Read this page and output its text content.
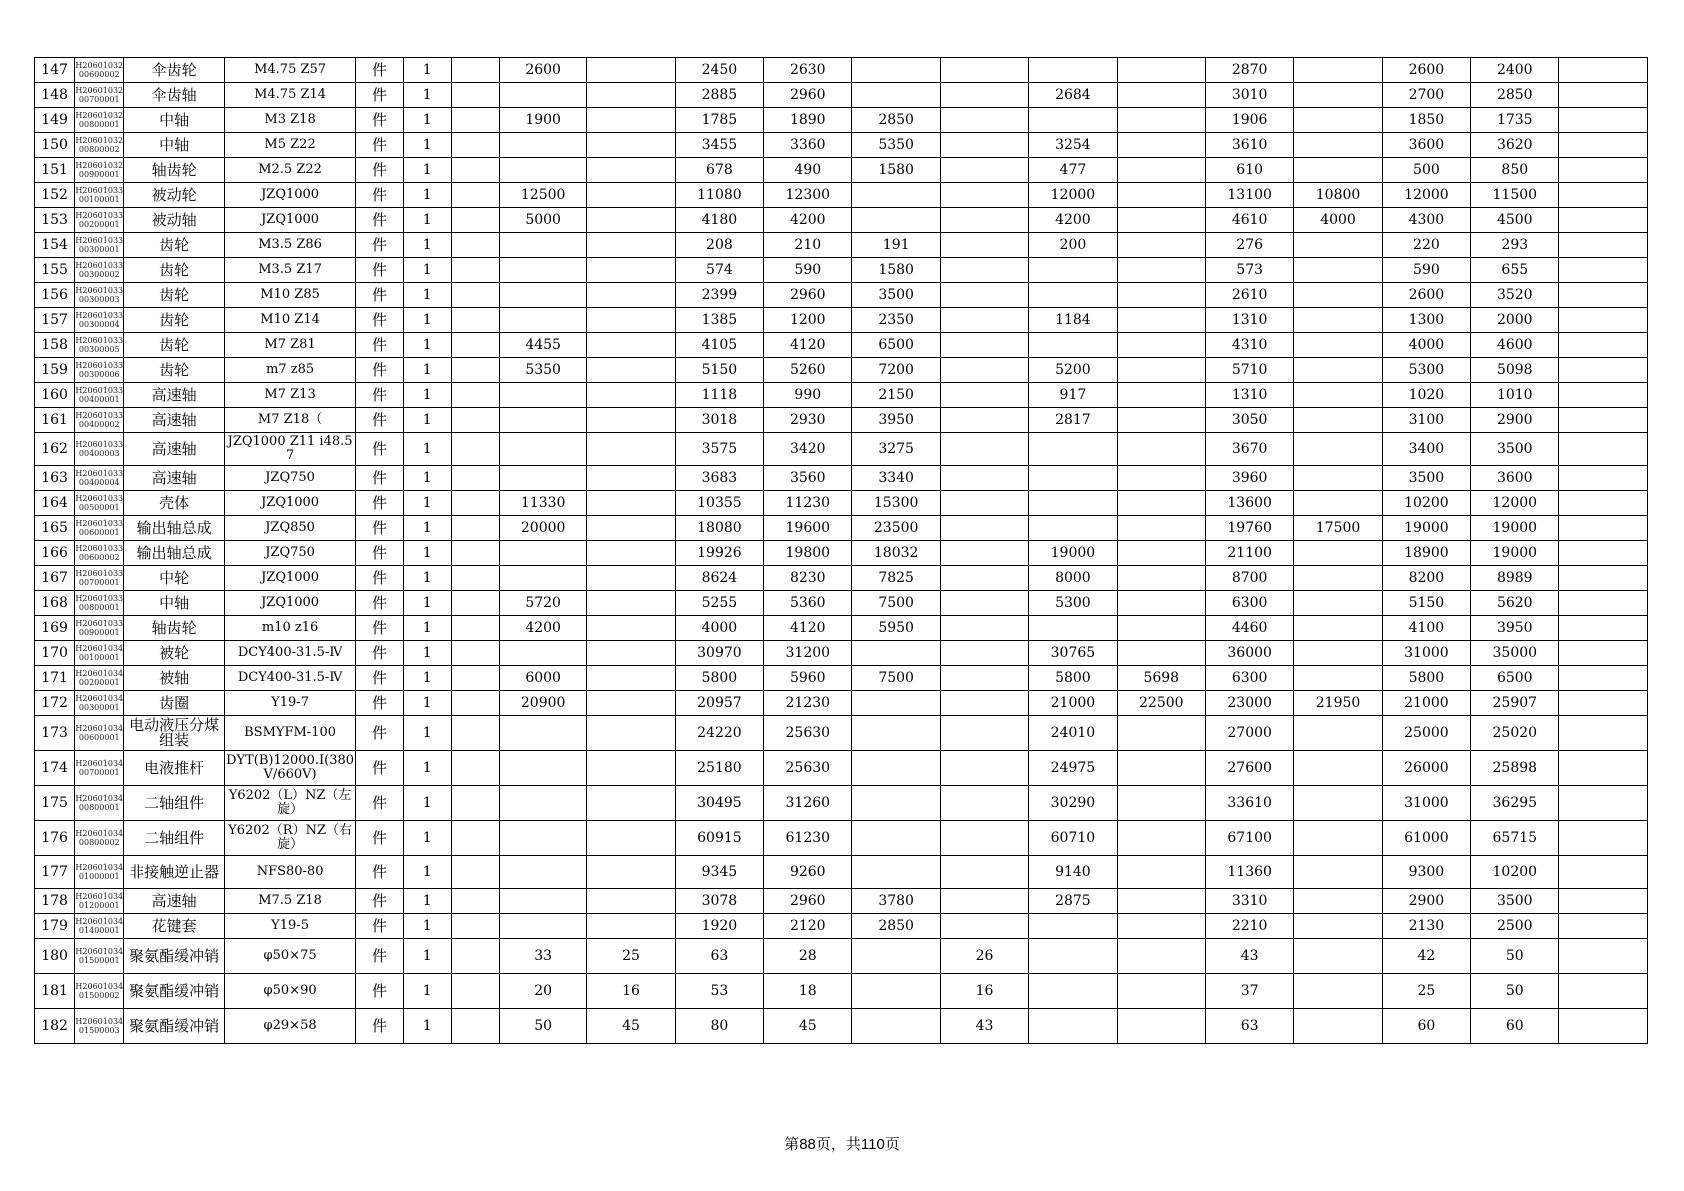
147	H2060103200600002	伞齿轮	M4.75 Z57	件	1		2600		2450	2630					2870		2600	2400	
148	H2060103200700001	伞齿轴	M4.75 Z14	件	1				2885	2960			2684		3010		2700	2850	
149	H2060103200800001	中轴	M3 Z18	件	1		1900		1785	1890	2850				1906		1850	1735	
150	H2060103200800002	中轴	M5 Z22	件	1				3455	3360	5350		3254		3610		3600	3620	
151	H2060103200900001	轴齿轮	M2.5 Z22	件	1				678	490	1580		477		610		500	850	
152	H2060103300100001	被动轮	JZQ1000	件	1		12500		11080	12300			12000		13100	10800	12000	11500	
153	H2060103300200001	被动轴	JZQ1000	件	1		5000		4180	4200			4200		4610	4000	4300	4500	
154	H2060103300300001	齿轮	M3.5 Z86	件	1				208	210	191		200		276		220	293	
155	H2060103300300002	齿轮	M3.5 Z17	件	1				574	590	1580				573		590	655	
156	H2060103300300003	齿轮	M10 Z85	件	1				2399	2960	3500				2610		2600	3520	
157	H2060103300300004	齿轮	M10 Z14	件	1				1385	1200	2350		1184		1310		1300	2000	
158	H2060103300300005	齿轮	M7 Z81	件	1		4455		4105	4120	6500				4310		4000	4600	
159	H2060103300300006	齿轮	m7 z85	件	1		5350		5150	5260	7200		5200		5710		5300	5098	
160	H2060103300400001	高速轴	M7 Z13	件	1				1118	990	2150		917		1310		1020	1010	
161	H2060103300400002	高速轴	M7 Z18（	件	1				3018	2930	3950		2817		3050		3100	2900	
162	H2060103300400003	高速轴	JZQ1000 Z11 i48.57	件	1				3575	3420	3275				3670		3400	3500	
163	H2060103300400004	高速轴	JZQ750	件	1				3683	3560	3340				3960		3500	3600	
164	H2060103300500001	壳体	JZQ1000	件	1		11330		10355	11230	15300				13600		10200	12000	
165	H2060103300600001	输出轴总成	JZQ850	件	1		20000		18080	19600	23500				19760	17500	19000	19000	
166	H2060103300600002	输出轴总成	JZQ750	件	1				19926	19800	18032		19000		21100		18900	19000	
167	H2060103300700001	中轮	JZQ1000	件	1				8624	8230	7825		8000		8700		8200	8989	
168	H2060103300800001	中轴	JZQ1000	件	1		5720		5255	5360	7500		5300		6300		5150	5620	
169	H2060103300900001	轴齿轮	m10 z16	件	1		4200		4000	4120	5950				4460		4100	3950	
170	H2060103400100001	被轮	DCY400-31.5-Ⅳ	件	1				30970	31200			30765		36000		31000	35000	
171	H2060103400200001	被轴	DCY400-31.5-Ⅳ	件	1		6000		5800	5960	7500		5800	5698	6300		5800	6500	
172	H2060103400300001	齿圈	Y19-7	件	1		20900		20957	21230			21000	22500	23000	21950	21000	25907	
173	H2060103400600001	电动液压分煤组装	BSMYFM-100	件	1				24220	25630			24010		27000		25000	25020	
174	H2060103400700001	电液推杆	DYT(B)12000.I(380V/660V)	件	1				25180	25630			24975		27600		26000	25898	
175	H2060103400800001	二轴组件	Y6202（L）NZ（左旋）	件	1				30495	31260			30290		33610		31000	36295	
176	H2060103400800002	二轴组件	Y6202（R）NZ（右旋）	件	1				60915	61230			60710		67100		61000	65715	
177	H2060103401000001	非接触逆止器	NFS80-80	件	1				9345	9260			9140		11360		9300	10200	
178	H2060103401200001	高速轴	M7.5 Z18	件	1				3078	2960	3780		2875		3310		2900	3500	
179	H2060103401400001	花键套	Y19-5	件	1				1920	2120	2850				2210		2130	2500	
180	H2060103401500001	聚氨酯缓冲销	φ50×75	件	1		33	25	63	28		26			43		42	50	
181	H2060103401500002	聚氨酯缓冲销	φ50×90	件	1		20	16	53	18		16			37		25	50	
182	H2060103401500003	聚氨酯缓冲销	φ29×58	件	1		50	45	80	45		43			63		60	60	
第88页，共110页
